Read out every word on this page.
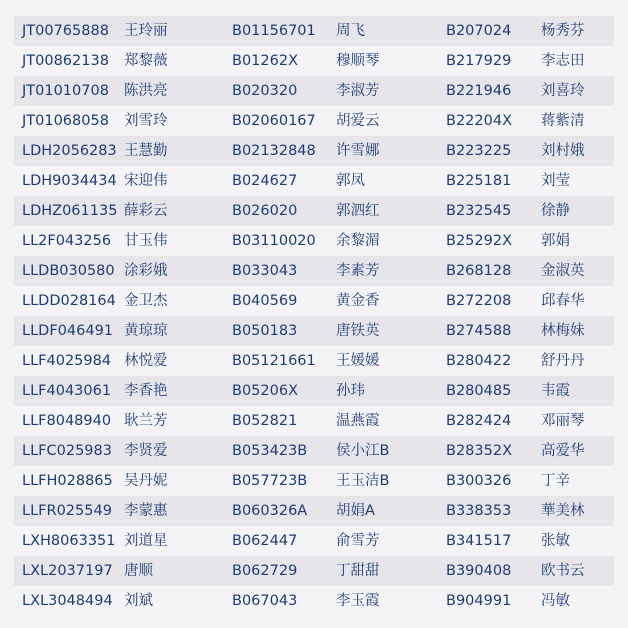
JT00765888 王玲丽	B01156701 周飞	B207024 杨秀芬
JT00862138 郑黎薇	B01262X	穆顺琴	B217929 李志田
JT01010708 陈洪亮	B020320	李淑芳	B221946 刘喜玲
JT01068058 刘雪玲	B02060167 胡爱云	B22204X 蒋紫清
LDH2056283 王慧勤	B02132848 许雪娜	B223225 刘村娥
LDH9034434 宋迎伟	B024627	郭凤	B225181 刘莹
LDHZ061135 薛彩云	B026020	郭泗红	B232545 徐静
LL2F043256 甘玉伟	B03110020 余黎湄	B25292X 郭娟
LLDB030580 涂彩娥	B033043	李素芳	B268128 金淑英
LLDD028164 金卫杰	B040569	黄金香	B272208 邱春华
LLDF046491 黄琼琼	B050183	唐铁英	B274588 林梅妹
LLF4025984 林悦爱	B05121661 王媛媛	B280422 舒丹丹
LLF4043061 李香艳	B05206X	孙玮	B280485 韦霞
LLF8048940 耿兰芳	B052821	温燕霞	B282424 邓丽琴
LLFC025983 李贤爱	B053423B 侯小江B	B28352X 高爱华
LLFH028865 吴丹妮	B057723B 王玉洁B	B300326 丁辛
LLFR025549 李蒙惠	B060326A 胡娟A	B338353 華美林
LXH8063351 刘道星	B062447	俞雪芳	B341517 张敏
LXL2037197 唐顺	B062729	丁甜甜	B390408 欧书云
LXL3048494 刘斌	B067043	李玉霞	B904991 冯敏
